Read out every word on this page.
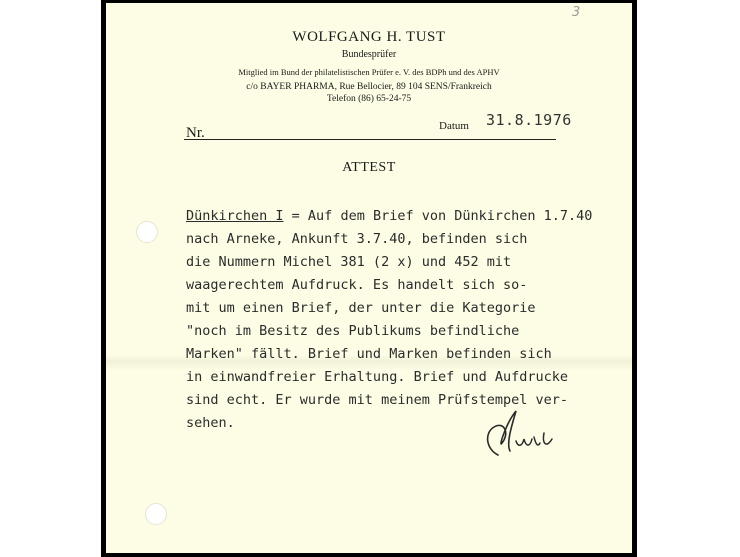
3
WOLFGANG H. TUST
Bundesprüfer
Mitglied im Bund der philatelistischen Prüfer e. V. des BDPh und des APHV
c/o BAYER PHARMA, Rue Bellocier, 89 104 SENS/Frankreich
Telefon (86) 65-24-75
Nr.	Datum 31.8.1976
ATTEST
Dünkirchen I = Auf dem Brief von Dünkirchen 1.7.40
nach Arneke, Ankunft 3.7.40, befinden sich
die Nummern Michel 381 (2 x) und 452 mit
waagerechtem Aufdruck. Es handelt sich so-
mit um einen Brief, der unter die Kategorie
"noch im Besitz des Publikums befindliche
Marken" fällt. Brief und Marken befinden sich
in einwandfreier Erhaltung. Brief und Aufdrucke
sind echt. Er wurde mit meinem Prüfstempel ver-
sehen.
